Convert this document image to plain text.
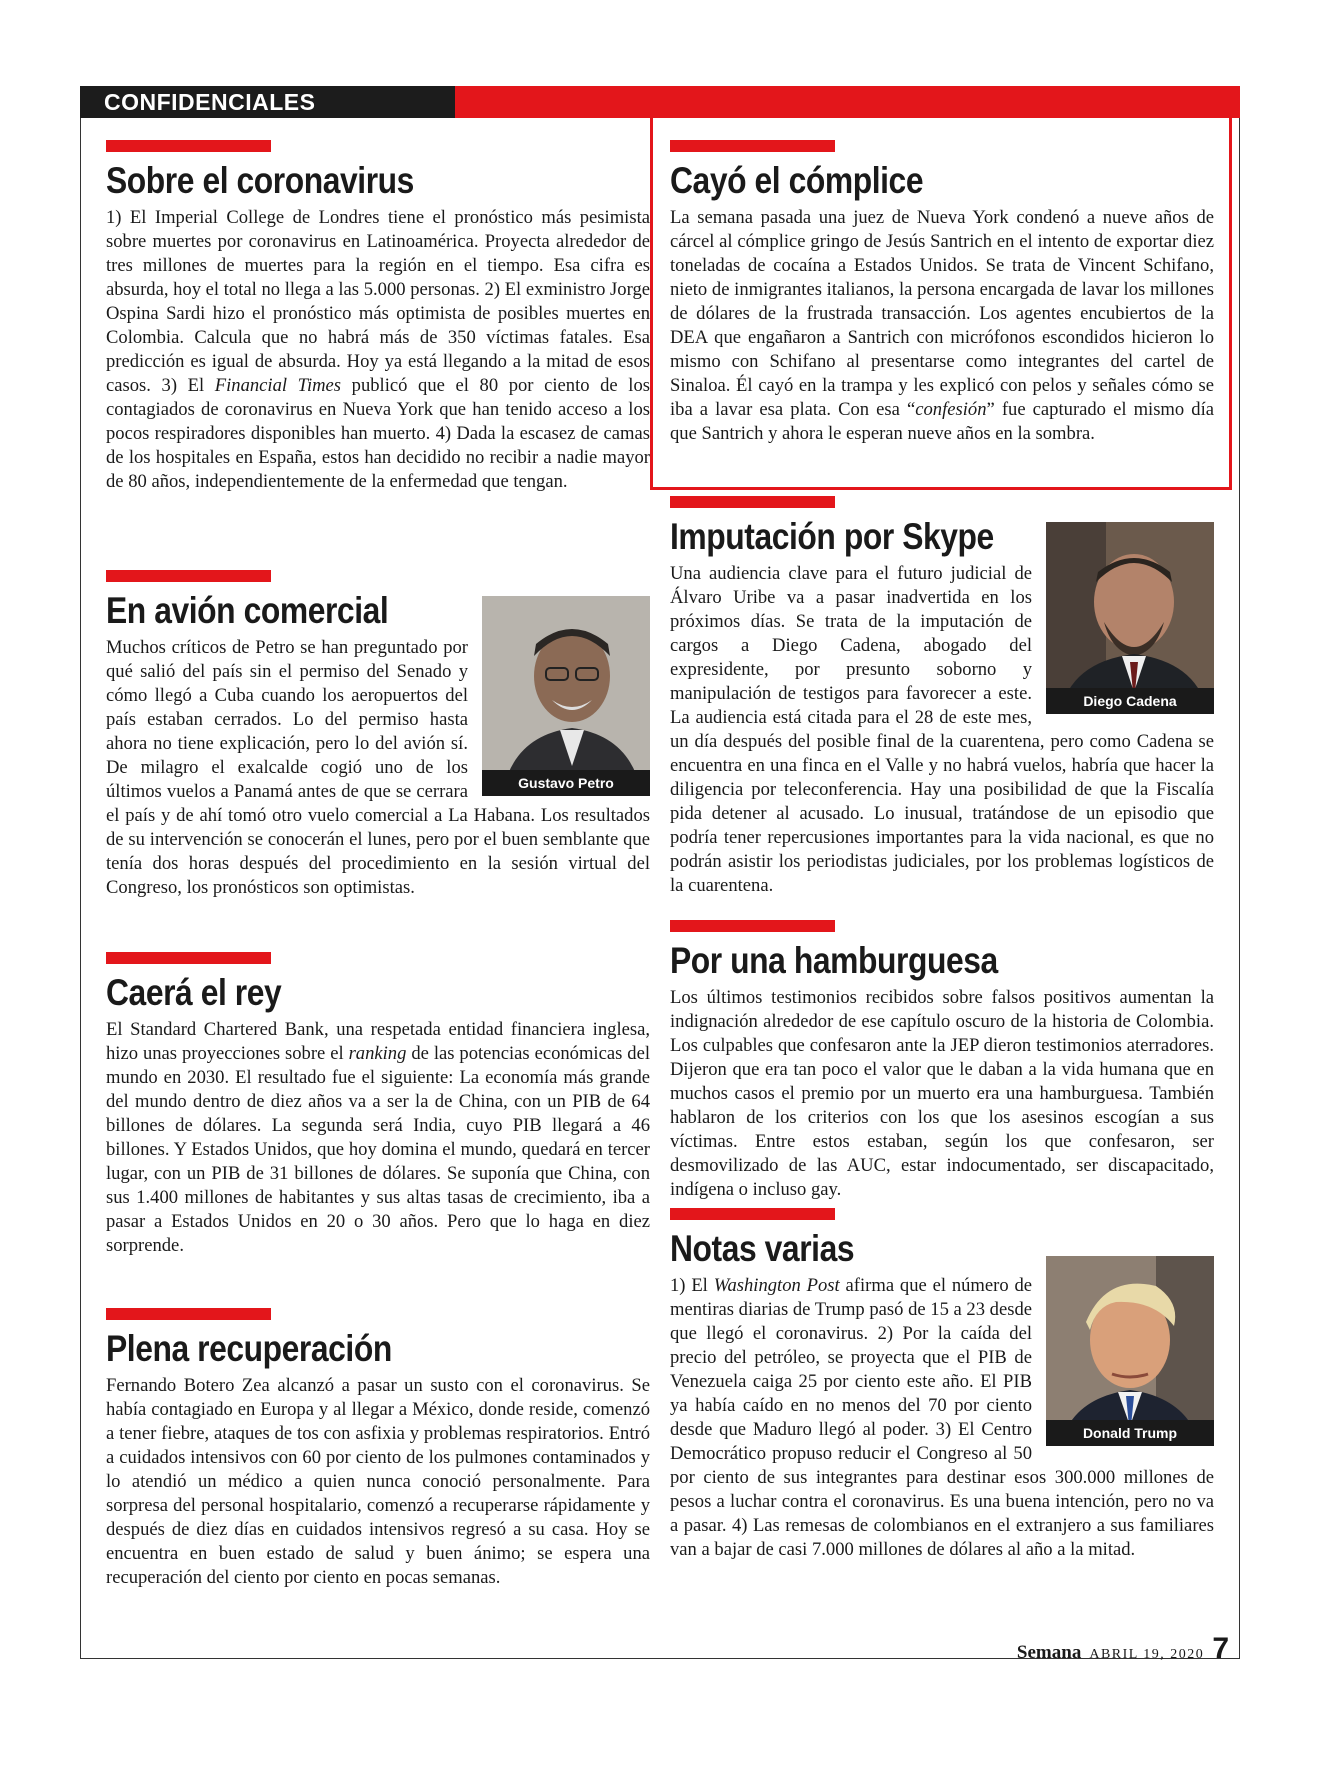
CONFIDENCIALES
Sobre el coronavirus

1) El Imperial College de Londres tiene el pronóstico más pesimista sobre muertes por coronavirus en Latinoamérica. Proyecta alrededor de tres millones de muertes para la región en el tiempo. Esa cifra es absurda, hoy el total no llega a las 5.000 personas. 2) El exministro Jorge Ospina Sardi hizo el pronóstico más optimista de posibles muertes en Colombia. Calcula que no habrá más de 350 víctimas fatales. Esa predicción es igual de absurda. Hoy ya está llegando a la mitad de esos casos. 3) El Financial Times publicó que el 80 por ciento de los contagiados de coronavirus en Nueva York que han tenido acceso a los pocos respiradores disponibles han muerto. 4) Dada la escasez de camas de los hospitales en España, estos han decidido no recibir a nadie mayor de 80 años, independientemente de la enfermedad que tengan.

En avión comercial
Gustavo Petro

Muchos críticos de Petro se han preguntado por qué salió del país sin el permiso del Senado y cómo llegó a Cuba cuando los aeropuertos del país estaban cerrados. Lo del permiso hasta ahora no tiene explicación, pero lo del avión sí. De milagro el exalcalde cogió uno de los últimos vuelos a Panamá antes de que se cerrara el país y de ahí tomó otro vuelo comercial a La Habana. Los resultados de su intervención se conocerán el lunes, pero por el buen semblante que tenía dos horas después del procedimiento en la sesión virtual del Congreso, los pronósticos son optimistas.

Caerá el rey

El Standard Chartered Bank, una respetada entidad financiera inglesa, hizo unas proyecciones sobre el ranking de las potencias económicas del mundo en 2030. El resultado fue el siguiente: La economía más grande del mundo dentro de diez años va a ser la de China, con un PIB de 64 billones de dólares. La segunda será India, cuyo PIB llegará a 46 billones. Y Estados Unidos, que hoy domina el mundo, quedará en tercer lugar, con un PIB de 31 billones de dólares. Se suponía que China, con sus 1.400 millones de habitantes y sus altas tasas de crecimiento, iba a pasar a Estados Unidos en 20 o 30 años. Pero que lo haga en diez sorprende.

Plena recuperación

Fernando Botero Zea alcanzó a pasar un susto con el coronavirus. Se había contagiado en Europa y al llegar a México, donde reside, comenzó a tener fiebre, ataques de tos con asfixia y problemas respiratorios. Entró a cuidados intensivos con 60 por ciento de los pulmones contaminados y lo atendió un médico a quien nunca conoció personalmente. Para sorpresa del personal hospitalario, comenzó a recuperarse rápidamente y después de diez días en cuidados intensivos regresó a su casa. Hoy se encuentra en buen estado de salud y buen ánimo; se espera una recuperación del ciento por ciento en pocas semanas.

Cayó el cómplice

La semana pasada una juez de Nueva York condenó a nueve años de cárcel al cómplice gringo de Jesús Santrich en el intento de exportar diez toneladas de cocaína a Estados Unidos. Se trata de Vincent Schifano, nieto de inmigrantes italianos, la persona encargada de lavar los millones de dólares de la frustrada transacción. Los agentes encubiertos de la DEA que engañaron a Santrich con micrófonos escondidos hicieron lo mismo con Schifano al presentarse como integrantes del cartel de Sinaloa. Él cayó en la trampa y les explicó con pelos y señales cómo se iba a lavar esa plata. Con esa “confesión” fue capturado el mismo día que Santrich y ahora le esperan nueve años en la sombra.

Imputación por Skype
Diego Cadena

Una audiencia clave para el futuro judicial de Álvaro Uribe va a pasar inadvertida en los próximos días. Se trata de la imputación de cargos a Diego Cadena, abogado del expresidente, por presunto soborno y manipulación de testigos para favorecer a este. La audiencia está citada para el 28 de este mes, un día después del posible final de la cuarentena, pero como Cadena se encuentra en una finca en el Valle y no habrá vuelos, habría que hacer la diligencia por teleconferencia. Hay una posibilidad de que la Fiscalía pida detener al acusado. Lo inusual, tratándose de un episodio que podría tener repercusiones importantes para la vida nacional, es que no podrán asistir los periodistas judiciales, por los problemas logísticos de la cuarentena.

Por una hamburguesa

Los últimos testimonios recibidos sobre falsos positivos aumentan la indignación alrededor de ese capítulo oscuro de la historia de Colombia. Los culpables que confesaron ante la JEP dieron testimonios aterradores. Dijeron que era tan poco el valor que le daban a la vida humana que en muchos casos el premio por un muerto era una hamburguesa. También hablaron de los criterios con los que los asesinos escogían a sus víctimas. Entre estos estaban, según los que confesaron, ser desmovilizado de las AUC, estar indocumentado, ser discapacitado, indígena o incluso gay.

Notas varias
Donald Trump

1) El Washington Post afirma que el número de mentiras diarias de Trump pasó de 15 a 23 desde que llegó el coronavirus. 2) Por la caída del precio del petróleo, se proyecta que el PIB de Venezuela caiga 25 por ciento este año. El PIB ya había caído en no menos del 70 por ciento desde que Maduro llegó al poder. 3) El Centro Democrático propuso reducir el Congreso al 50 por ciento de sus integrantes para destinar esos 300.000 millones de pesos a luchar contra el coronavirus. Es una buena intención, pero no va a pasar. 4) Las remesas de colombianos en el extranjero a sus familiares van a bajar de casi 7.000 millones de dólares al año a la mitad.

Semana ABRIL 19, 2020 7
